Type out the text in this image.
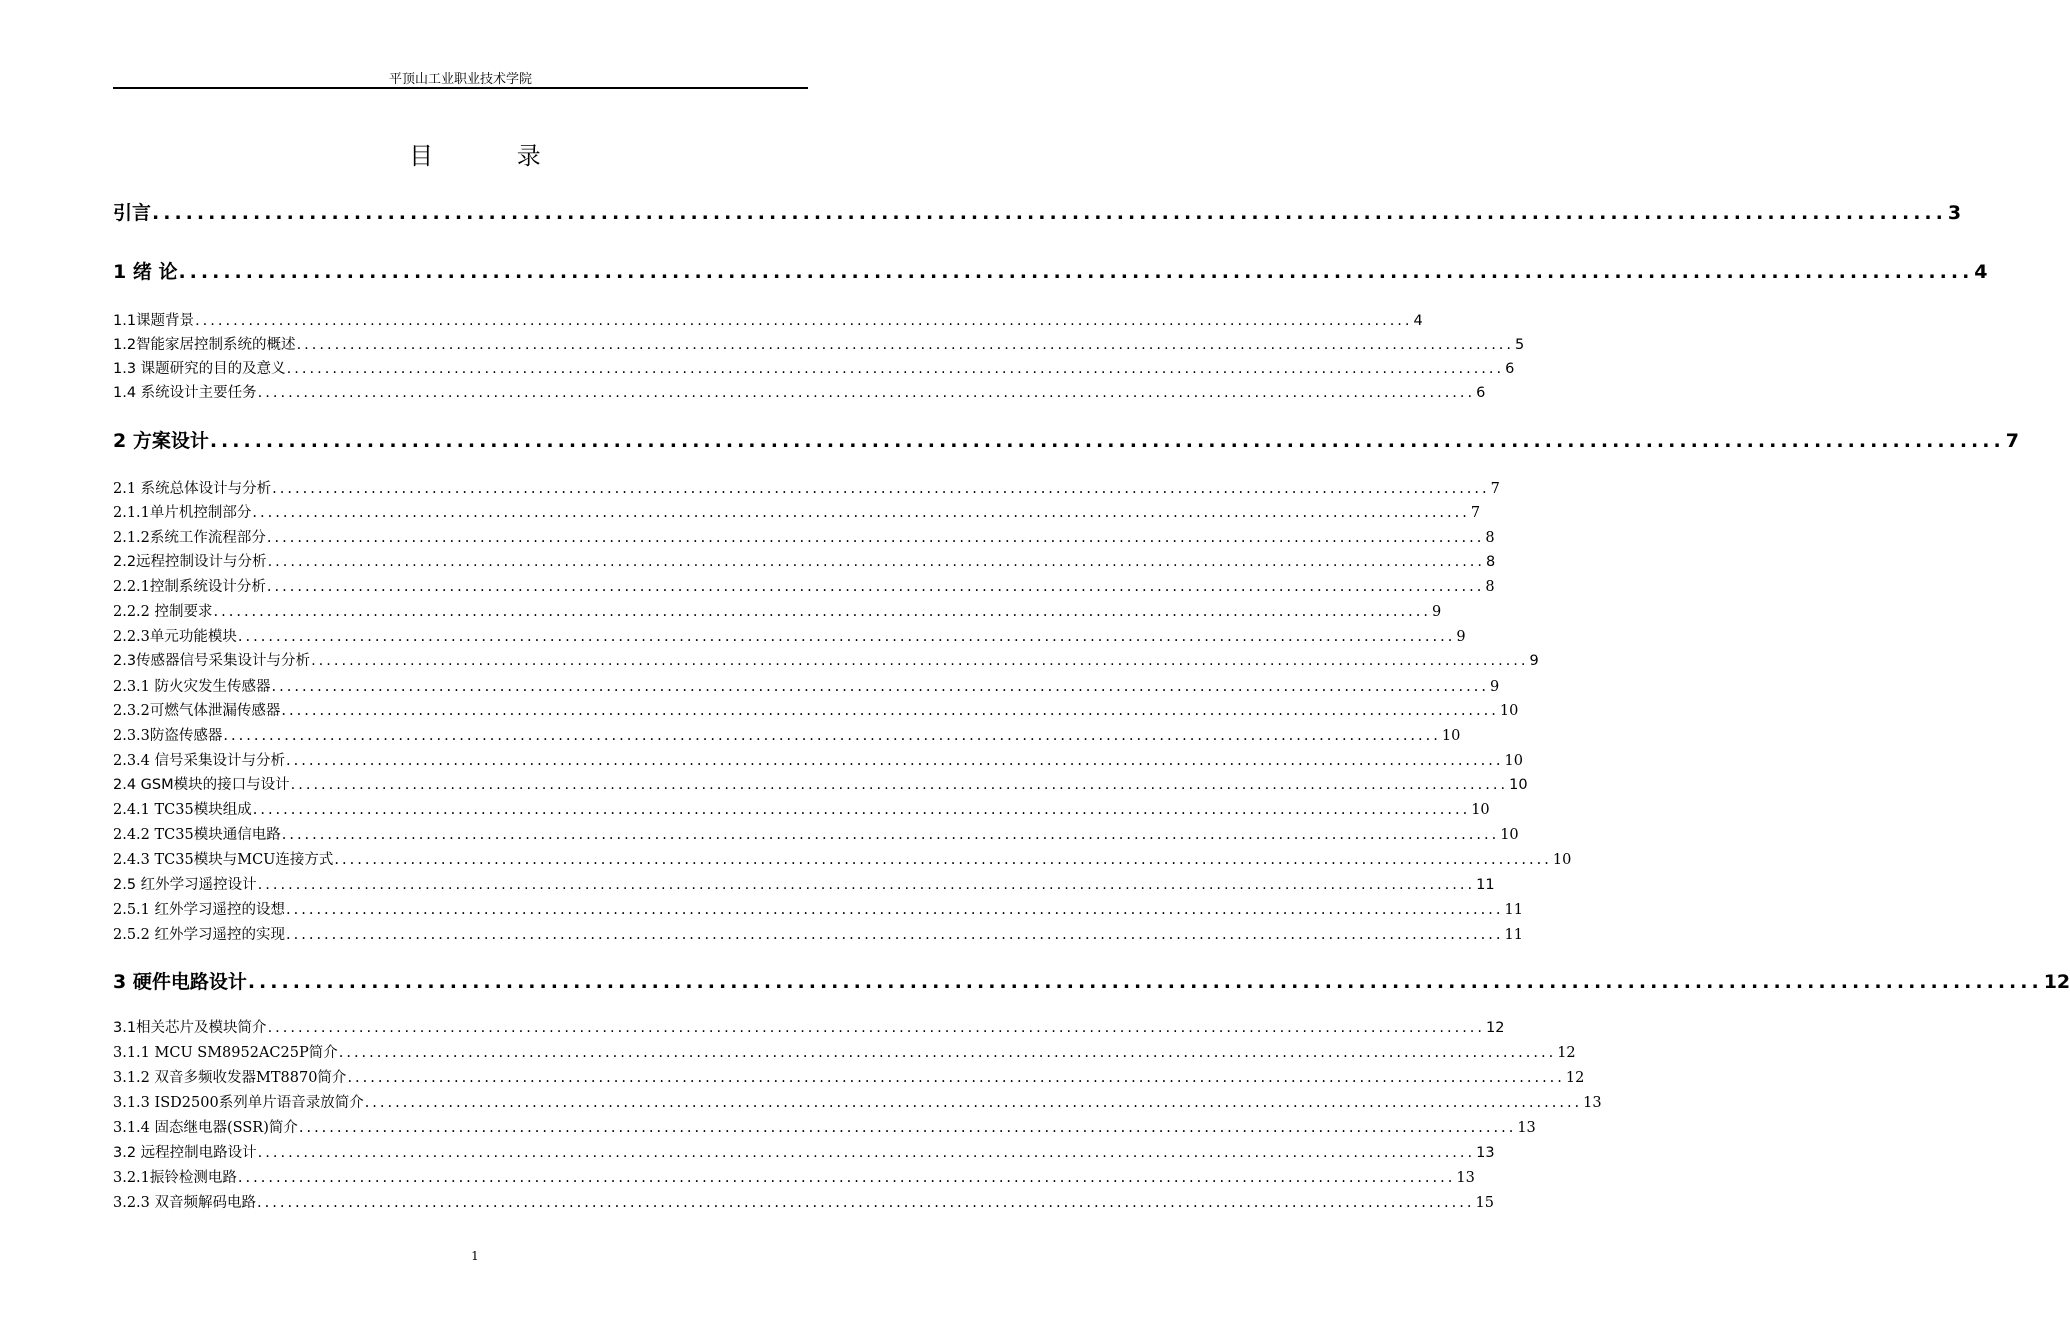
平顶山工业职业技术学院
目 录
引言 ................................................................................................................................................................ 3
1 绪 论 ................................................................................................................................................................ 4
1.1课题背景 ................................................................................................................................................................ 4
1.2智能家居控制系统的概述 ................................................................................................................................................................ 5
1.3 课题研究的目的及意义 ................................................................................................................................................................ 6
1.4 系统设计主要任务 ................................................................................................................................................................ 6
2 方案设计 ................................................................................................................................................................ 7
2.1 系统总体设计与分析 ................................................................................................................................................................ 7
2.1.1单片机控制部分 ................................................................................................................................................................ 7
2.1.2系统工作流程部分 ................................................................................................................................................................ 8
2.2远程控制设计与分析 ................................................................................................................................................................ 8
2.2.1控制系统设计分析 ................................................................................................................................................................ 8
2.2.2 控制要求 ................................................................................................................................................................ 9
2.2.3单元功能模块 ................................................................................................................................................................ 9
2.3传感器信号采集设计与分析 ................................................................................................................................................................ 9
2.3.1 防火灾发生传感器 ................................................................................................................................................................ 9
2.3.2可燃气体泄漏传感器 ................................................................................................................................................................ 10
2.3.3防盗传感器 ................................................................................................................................................................ 10
2.3.4 信号采集设计与分析 ................................................................................................................................................................ 10
2.4 GSM模块的接口与设计 ................................................................................................................................................................ 10
2.4.1 TC35模块组成 ................................................................................................................................................................ 10
2.4.2 TC35模块通信电路 ................................................................................................................................................................ 10
2.4.3 TC35模块与MCU连接方式 ................................................................................................................................................................ 10
2.5 红外学习遥控设计 ................................................................................................................................................................ 11
2.5.1 红外学习遥控的设想 ................................................................................................................................................................ 11
2.5.2 红外学习遥控的实现 ................................................................................................................................................................ 11
3 硬件电路设计 ................................................................................................................................................................ 12
3.1相关芯片及模块简介 ................................................................................................................................................................ 12
3.1.1 MCU SM8952AC25P简介 ................................................................................................................................................................ 12
3.1.2 双音多频收发器MT8870简介 ................................................................................................................................................................ 12
3.1.3 ISD2500系列单片语音录放简介 ................................................................................................................................................................ 13
3.1.4 固态继电器(SSR)简介 ................................................................................................................................................................ 13
3.2 远程控制电路设计 ................................................................................................................................................................ 13
3.2.1振铃检测电路 ................................................................................................................................................................ 13
3.2.3 双音频解码电路 ................................................................................................................................................................ 15
1
